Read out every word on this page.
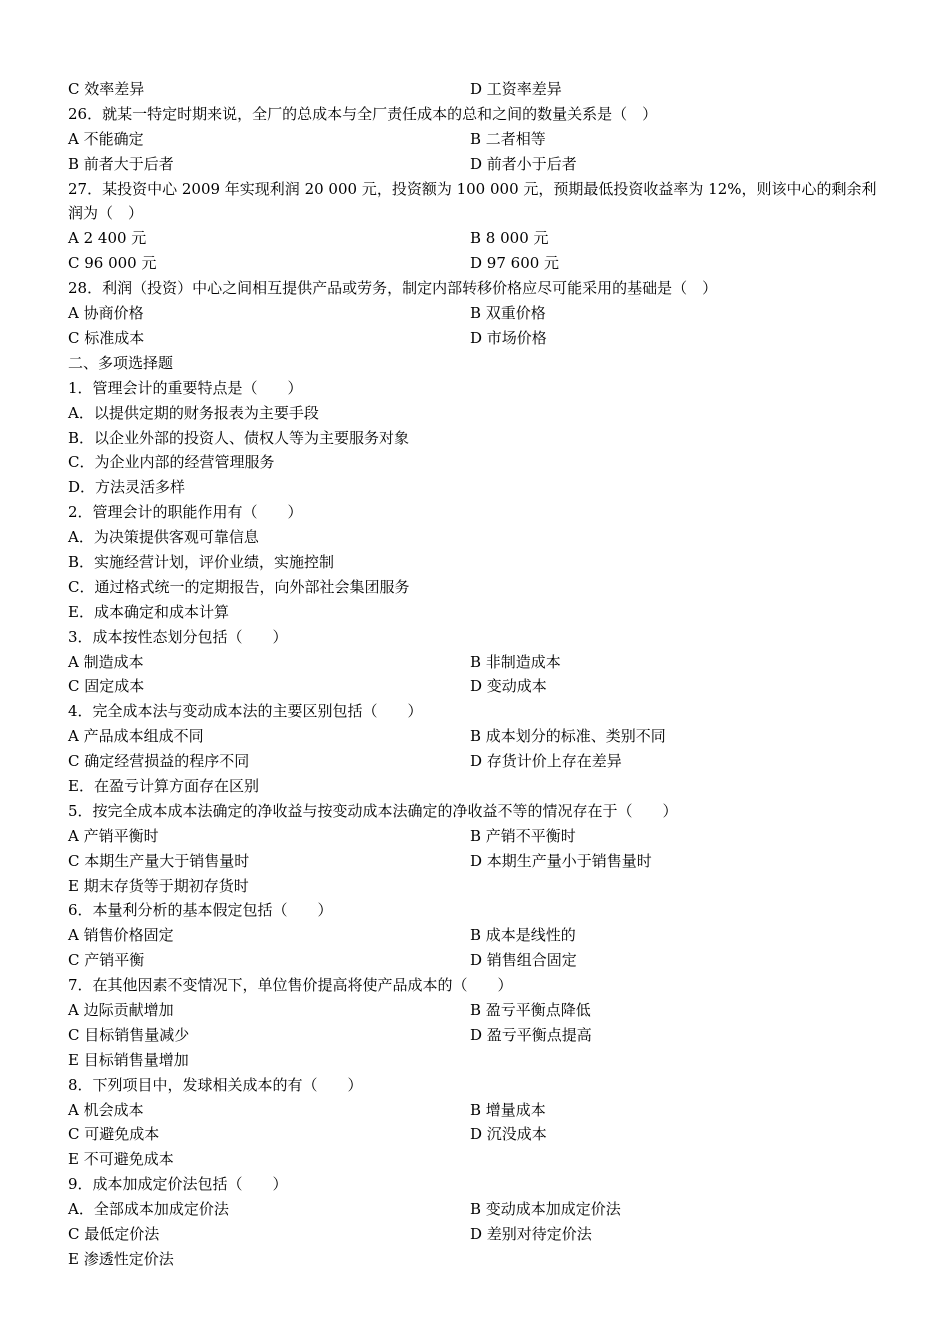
C 效率差异	D 工资率差异
26．就某一特定时期来说，全厂的总成本与全厂责任成本的总和之间的数量关系是（　）
A 不能确定	B 二者相等
B 前者大于后者	D 前者小于后者
27．某投资中心 2009 年实现利润 20 000 元，投资额为 100 000 元，预期最低投资收益率为 12%，则该中心的剩余利润为（　）
A 2 400 元	B 8 000 元
C 96 000 元	D 97 600 元
28．利润（投资）中心之间相互提供产品或劳务，制定内部转移价格应尽可能采用的基础是（　）
A 协商价格	B 双重价格
C 标准成本	D 市场价格
二、多项选择题
1．管理会计的重要特点是（　　）
A．以提供定期的财务报表为主要手段
B．以企业外部的投资人、债权人等为主要服务对象
C．为企业内部的经营管理服务
D．方法灵活多样
2．管理会计的职能作用有（　　）
A．为决策提供客观可靠信息
B．实施经营计划，评价业绩，实施控制
C．通过格式统一的定期报告，向外部社会集团服务
E．成本确定和成本计算
3．成本按性态划分包括（　　）
A 制造成本	B 非制造成本
C 固定成本	D 变动成本
4．完全成本法与变动成本法的主要区别包括（　　）
A 产品成本组成不同	B 成本划分的标准、类别不同
C 确定经营损益的程序不同	D 存货计价上存在差异
E．在盈亏计算方面存在区别
5．按完全成本成本法确定的净收益与按变动成本法确定的净收益不等的情况存在于（　　）
A 产销平衡时	B 产销不平衡时
C 本期生产量大于销售量时	D 本期生产量小于销售量时
E 期末存货等于期初存货时
6．本量利分析的基本假定包括（　　）
A 销售价格固定	B 成本是线性的
C 产销平衡	D 销售组合固定
7．在其他因素不变情况下，单位售价提高将使产品成本的（　　）
A 边际贡献增加	B 盈亏平衡点降低
C 目标销售量减少	D 盈亏平衡点提高
E 目标销售量增加
8．下列项目中，发球相关成本的有（　　）
A 机会成本	B 增量成本
C 可避免成本	D 沉没成本
E 不可避免成本
9．成本加成定价法包括（　　）
A．全部成本加成定价法	B 变动成本加成定价法
C 最低定价法	D 差别对待定价法
E 渗透性定价法
